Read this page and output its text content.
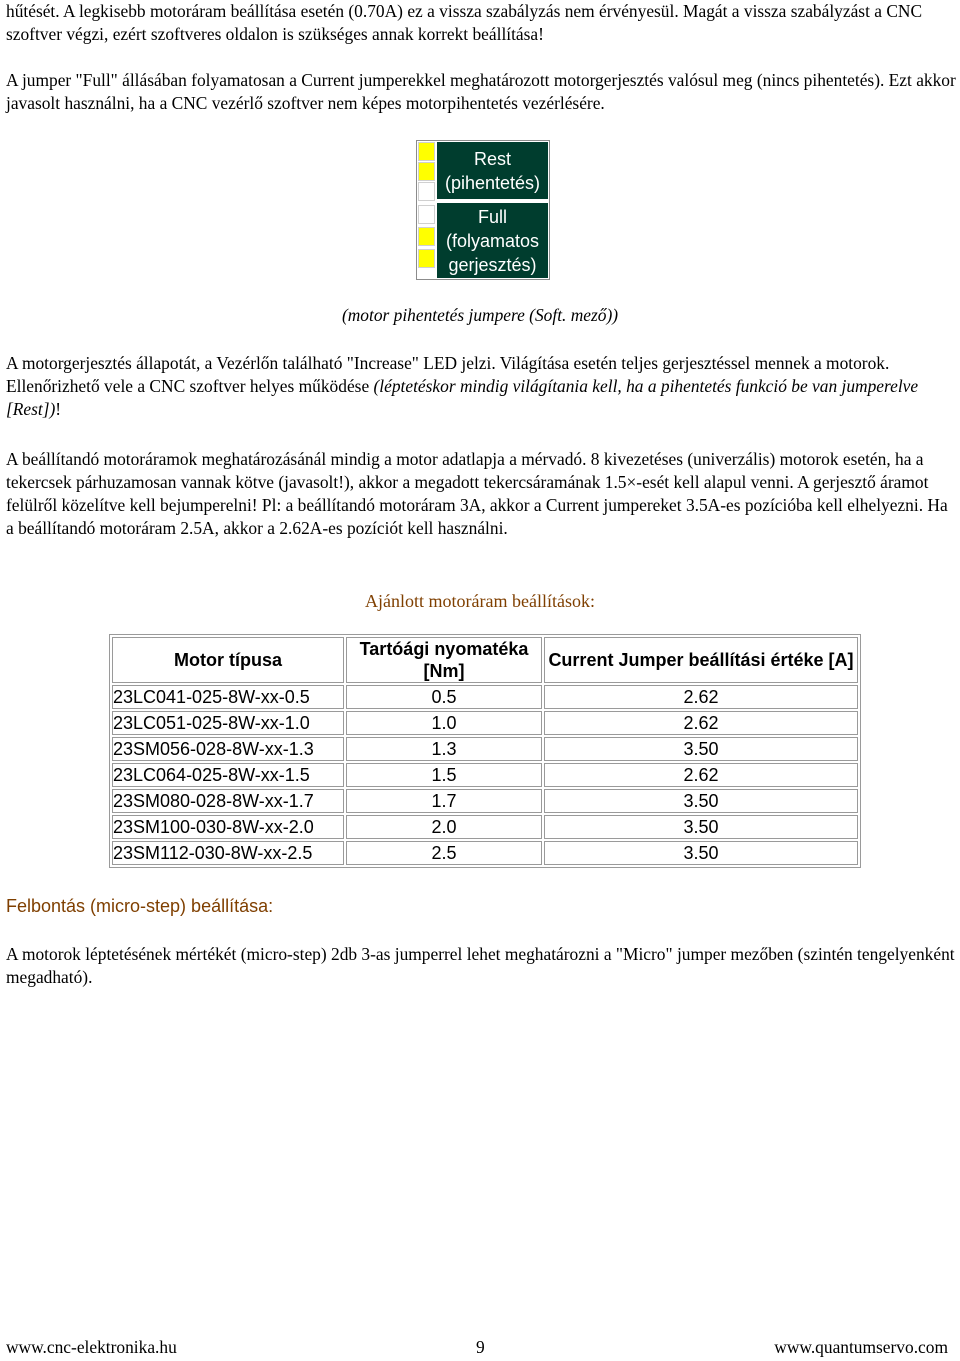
hűtését. A legkisebb motoráram beállítása esetén (0.70A) ez a vissza szabályzás nem érvényesül. Magát a vissza szabályzást a CNC szoftver végzi, ezért szoftveres oldalon is szükséges annak korrekt beállítása!

A jumper "Full" állásában folyamatosan a Current jumperekkel meghatározott motorgerjesztés valósul meg (nincs pihentetés). Ezt akkor javasolt használni, ha a CNC vezérlő szoftver nem képes motorpihentetés vezérlésére.

Rest
(pihentetés)
Full
(folyamatos
gerjesztés)
(motor pihentetés jumpere (Soft. mező))

A motorgerjesztés állapotát, a Vezérlőn található "Increase" LED jelzi. Világítása esetén teljes gerjesztéssel mennek a motorok. Ellenőrizhető vele a CNC szoftver helyes működése (léptetéskor mindig világítania kell, ha a pihentetés funkció be van jumperelve [Rest])!

A beállítandó motoráramok meghatározásánál mindig a motor adatlapja a mérvadó. 8 kivezetéses (univerzális) motorok esetén, ha a tekercsek párhuzamosan vannak kötve (javasolt!), akkor a megadott tekercsáramának 1.5×-esét kell alapul venni. A gerjesztő áramot felülről közelítve kell bejumperelni! Pl: a beállítandó motoráram 3A, akkor a Current jumpereket 3.5A-es pozícióba kell elhelyezni. Ha a beállítandó motoráram 2.5A, akkor a 2.62A-es pozíciót kell használni.

Ajánlott motoráram beállítások:
Motor típusa	Tartóági nyomatéka [Nm]	Current Jumper beállítási értéke [A]
23LC041-025-8W-xx-0.5	0.5	2.62
23LC051-025-8W-xx-1.0	1.0	2.62
23SM056-028-8W-xx-1.3	1.3	3.50
23LC064-025-8W-xx-1.5	1.5	2.62
23SM080-028-8W-xx-1.7	1.7	3.50
23SM100-030-8W-xx-2.0	2.0	3.50
23SM112-030-8W-xx-2.5	2.5	3.50
Felbontás (micro-step) beállítása:

A motorok léptetésének mértékét (micro-step) 2db 3-as jumperrel lehet meghatározni a "Micro" jumper mezőben (szintén tengelyenként megadható).

www.cnc-elektronika.hu	9	www.quantumservo.com
